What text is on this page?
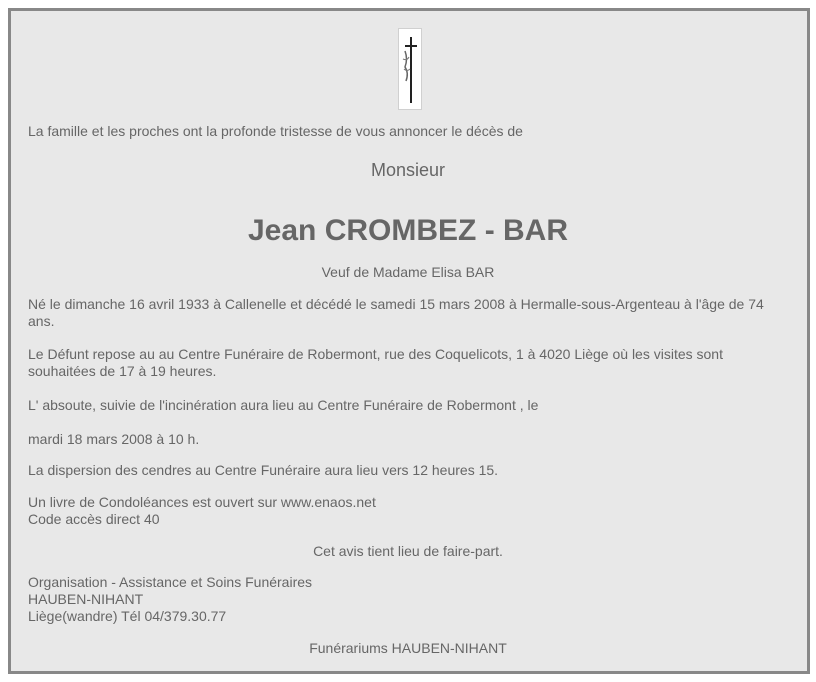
La famille et les proches ont la profonde tristesse de vous annoncer le décès de
Monsieur
Jean CROMBEZ - BAR
Veuf de Madame Elisa BAR
Né le dimanche 16 avril 1933 à Callenelle et décédé le samedi 15 mars 2008 à Hermalle-sous-Argenteau à l'âge de 74 ans.
Le Défunt repose au au Centre Funéraire de Robermont, rue des Coquelicots, 1 à 4020 Liège où les visites sont souhaitées de 17 à 19 heures.
L' absoute, suivie de l'incinération aura lieu au Centre Funéraire de Robermont , le
mardi 18 mars 2008 à 10 h.
La dispersion des cendres au Centre Funéraire aura lieu vers 12 heures 15.
Un livre de Condoléances est ouvert sur www.enaos.net
Code accès direct 40
Cet avis tient lieu de faire-part.
Organisation - Assistance et Soins Funéraires
HAUBEN-NIHANT
Liège(wandre) Tél 04/379.30.77
Funérariums HAUBEN-NIHANT
